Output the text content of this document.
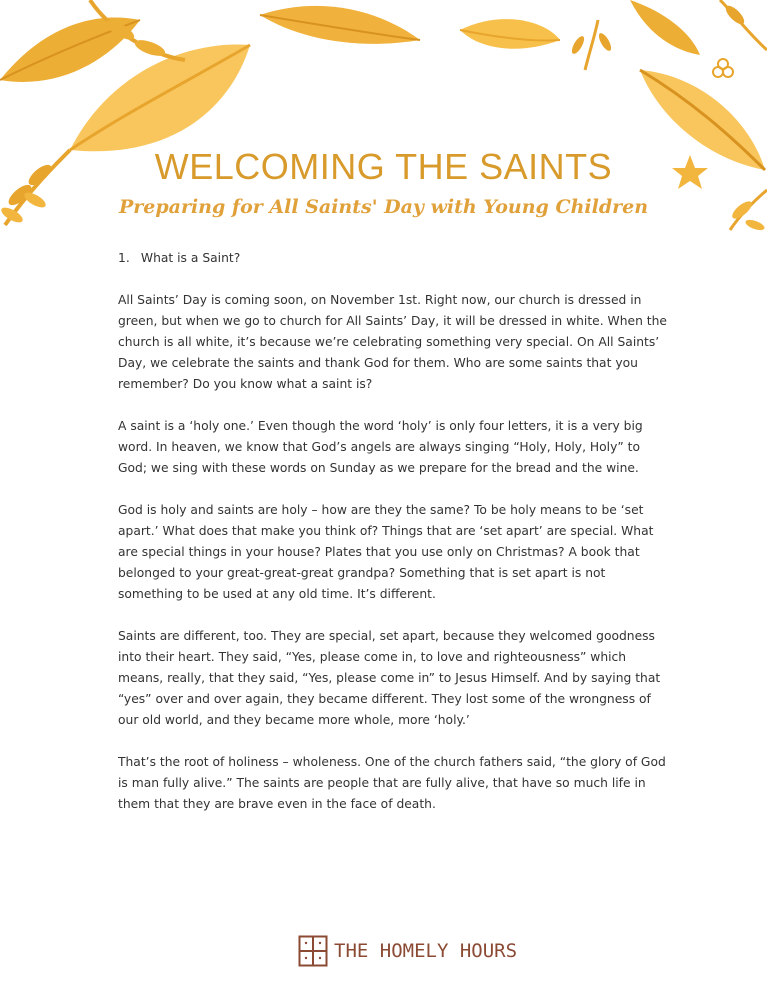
WELCOMING THE SAINTS
Preparing for All Saints' Day with Young Children
1. What is a Saint?

All Saints’ Day is coming soon, on November 1st. Right now, our church is dressed in green, but when we go to church for All Saints’ Day, it will be dressed in white. When the church is all white, it’s because we’re celebrating something very special. On All Saints’ Day, we celebrate the saints and thank God for them. Who are some saints that you remember? Do you know what a saint is?

A saint is a ‘holy one.’ Even though the word ‘holy’ is only four letters, it is a very big word. In heaven, we know that God’s angels are always singing “Holy, Holy, Holy” to God; we sing with these words on Sunday as we prepare for the bread and the wine.

God is holy and saints are holy – how are they the same? To be holy means to be ‘set apart.’ What does that make you think of? Things that are ‘set apart’ are special. What are special things in your house? Plates that you use only on Christmas? A book that belonged to your great-great-great grandpa? Something that is set apart is not something to be used at any old time. It’s different.

Saints are different, too. They are special, set apart, because they welcomed goodness into their heart. They said, “Yes, please come in, to love and righteousness” which means, really, that they said, “Yes, please come in” to Jesus Himself. And by saying that “yes” over and over again, they became different. They lost some of the wrongness of our old world, and they became more whole, more ‘holy.’

That’s the root of holiness – wholeness. One of the church fathers said, “the glory of God is man fully alive.” The saints are people that are fully alive, that have so much life in them that they are brave even in the face of death.

THE HOMELY HOURS
